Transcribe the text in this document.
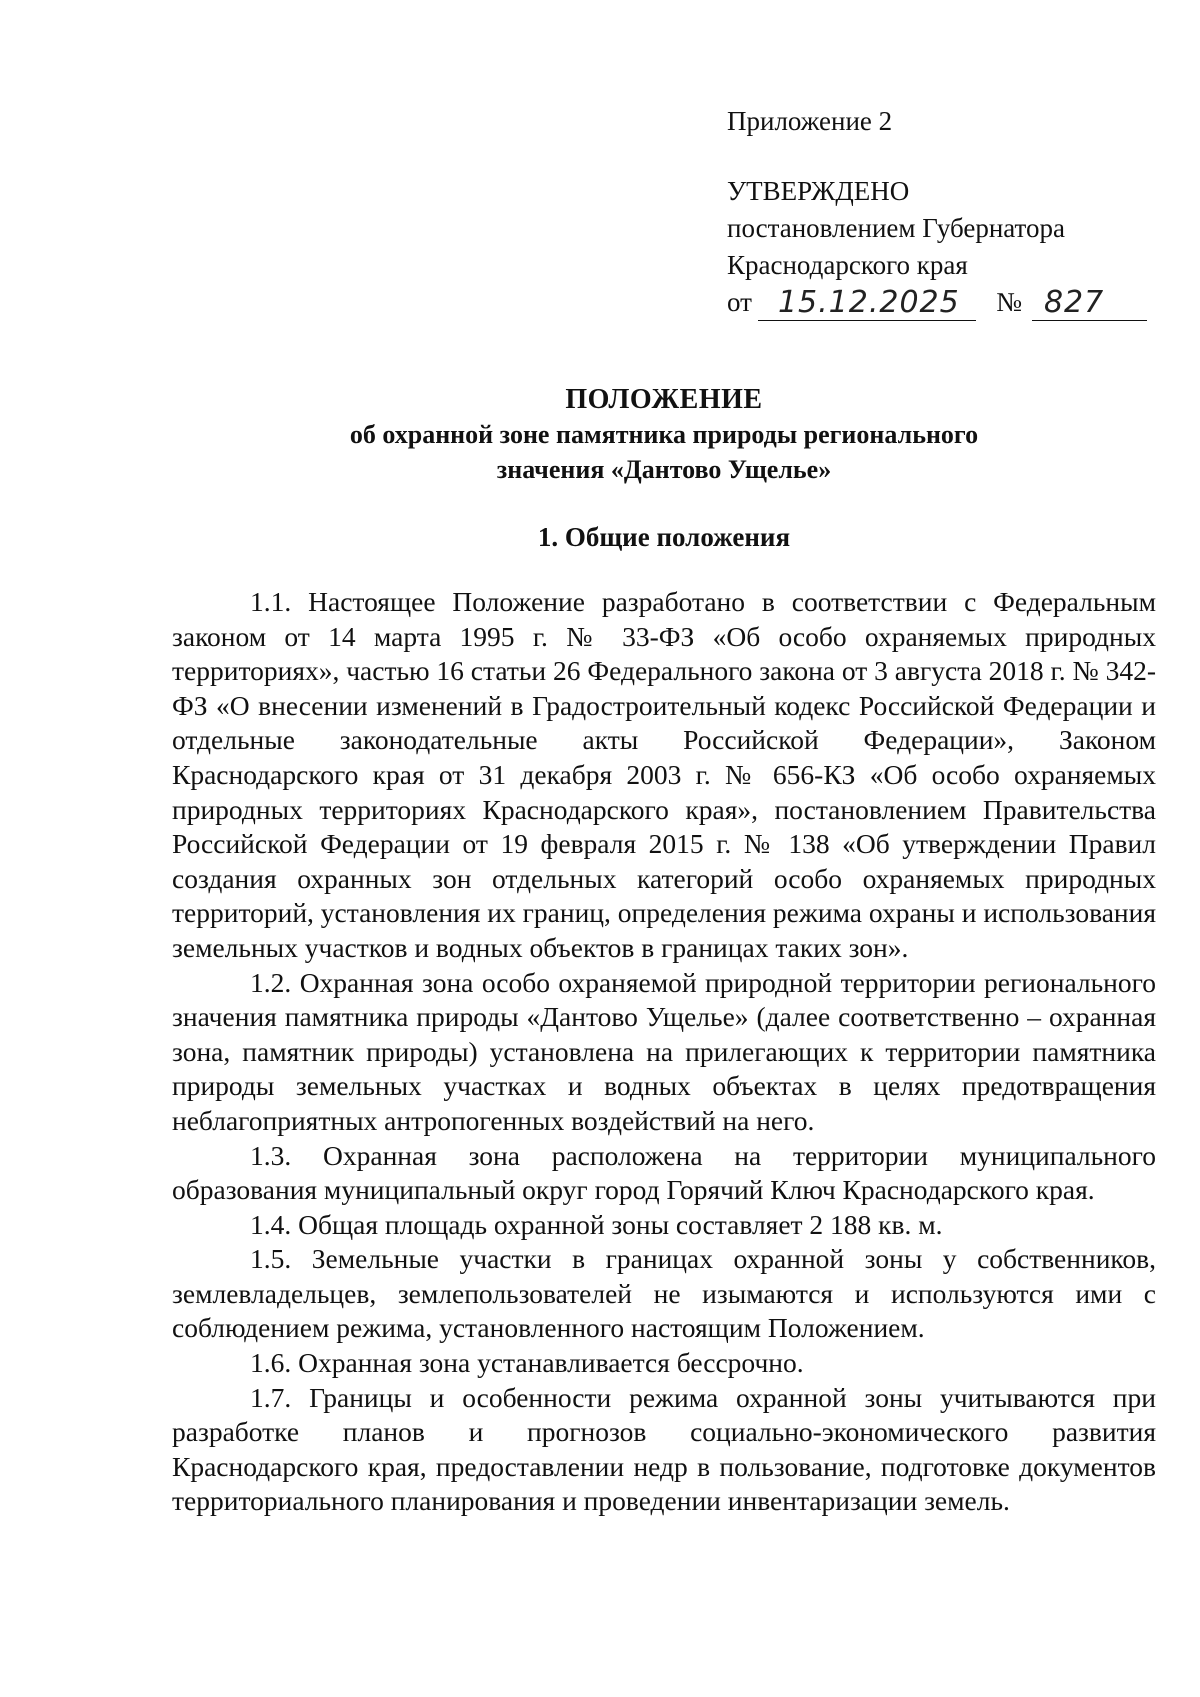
Приложение 2
УТВЕРЖДЕНО
постановлением Губернатора
Краснодарского края
от 15.12.2025	№ 827
ПОЛОЖЕНИЕ
об охранной зоне памятника природы регионального
значения «Дантово Ущелье»
1. Общие положения

1.1. Настоящее Положение разработано в соответствии с Федеральным законом от 14 марта 1995 г. № 33-ФЗ «Об особо охраняемых природных территориях», частью 16 статьи 26 Федерального закона от 3 августа 2018 г. № 342-ФЗ «О внесении изменений в Градостроительный кодекс Российской Федерации и отдельные законодательные акты Российской Федерации», Законом Краснодарского края от 31 декабря 2003 г. № 656-КЗ «Об особо охраняемых природных территориях Краснодарского края», постановлением Правительства Российской Федерации от 19 февраля 2015 г. № 138 «Об утверждении Правил создания охранных зон отдельных категорий особо охраняемых природных территорий, установления их границ, определения режима охраны и использования земельных участков и водных объектов в границах таких зон».

1.2. Охранная зона особо охраняемой природной территории регионального значения памятника природы «Дантово Ущелье» (далее соответственно – охранная зона, памятник природы) установлена на прилегающих к территории памятника природы земельных участках и водных объектах в целях предотвращения неблагоприятных антропогенных воздействий на него.

1.3. Охранная зона расположена на территории муниципального образования муниципальный округ город Горячий Ключ Краснодарского края.

1.4. Общая площадь охранной зоны составляет 2 188 кв. м.

1.5. Земельные участки в границах охранной зоны у собственников, землевладельцев, землепользователей не изымаются и используются ими с соблюдением режима, установленного настоящим Положением.

1.6. Охранная зона устанавливается бессрочно.

1.7. Границы и особенности режима охранной зоны учитываются при разработке планов и прогнозов социально-экономического развития Краснодарского края, предоставлении недр в пользование, подготовке документов территориального планирования и проведении инвентаризации земель.
